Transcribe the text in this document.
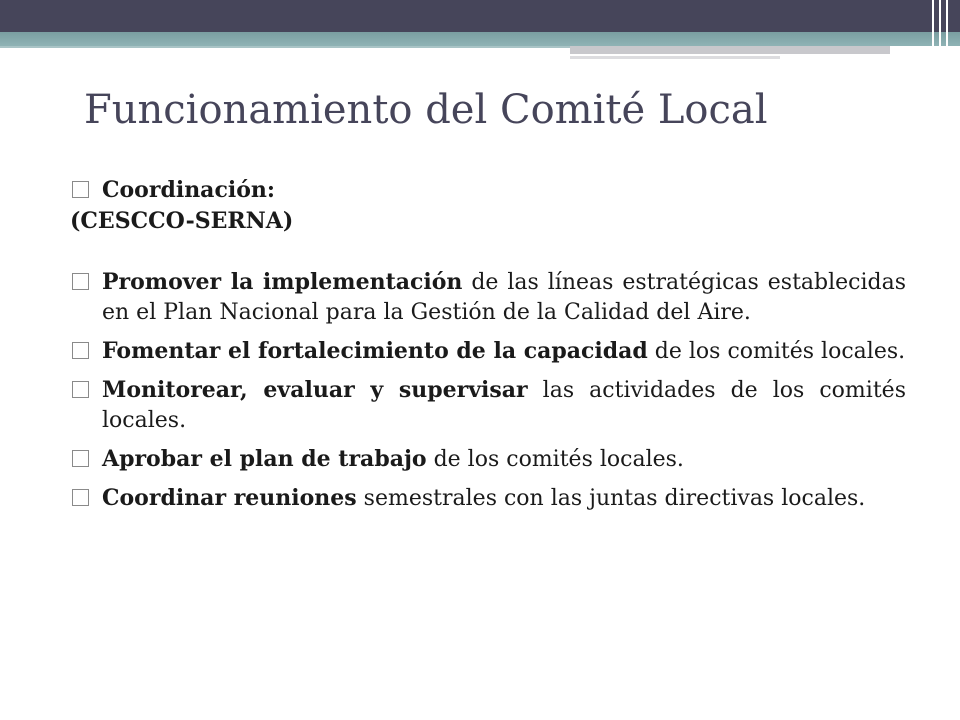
Funcionamiento del Comité Local

Coordinación:

(CESCCO-SERNA)

Promover la implementación de las líneas estratégicas establecidas en el Plan Nacional para la Gestión de la Calidad del Aire.

Fomentar el fortalecimiento de la capacidad de los comités locales.

Monitorear, evaluar y supervisar las actividades de los comités locales.

Aprobar el plan de trabajo de los comités locales.

Coordinar reuniones semestrales con las juntas directivas locales.
